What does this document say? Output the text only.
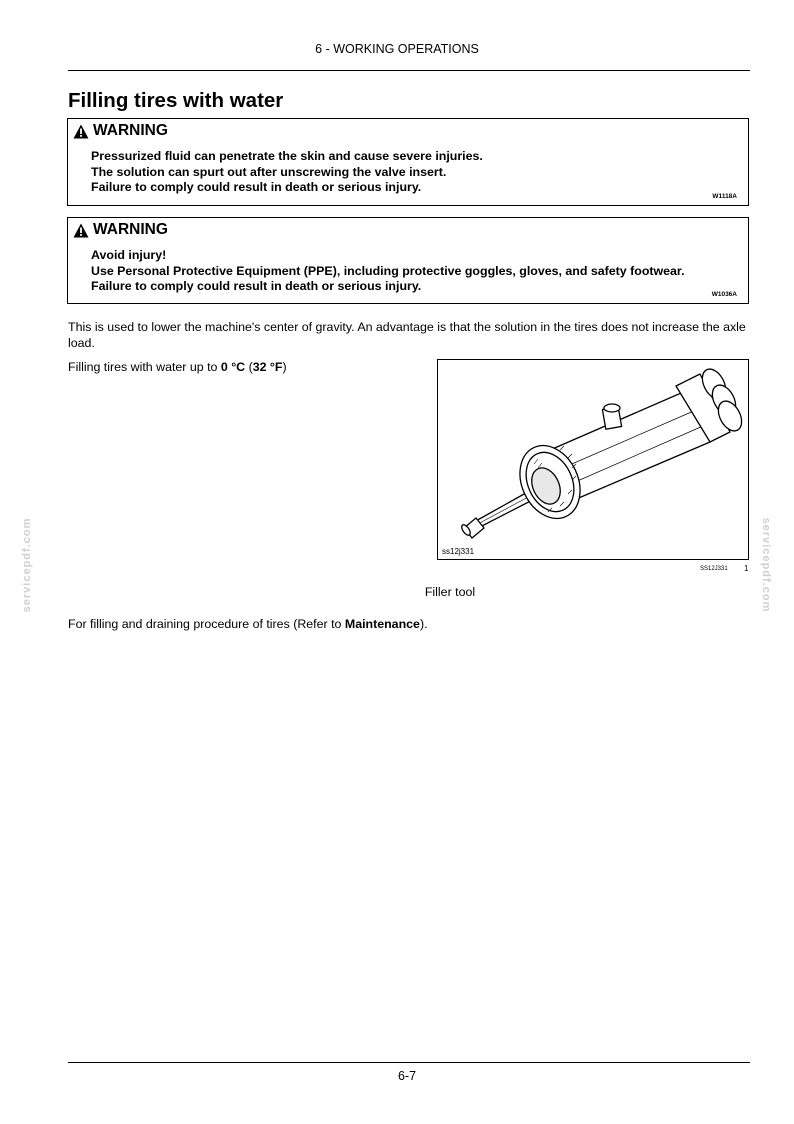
6 - WORKING OPERATIONS
Filling tires with water
WARNING
Pressurized fluid can penetrate the skin and cause severe injuries.
The solution can spurt out after unscrewing the valve insert.
Failure to comply could result in death or serious injury.
W1118A
WARNING
Avoid injury!
Use Personal Protective Equipment (PPE), including protective goggles, gloves, and safety footwear.
Failure to comply could result in death or serious injury.
W1036A
This is used to lower the machine's center of gravity. An advantage is that the solution in the tires does not increase the axle load.
Filling tires with water up to 0 °C (32 °F)
ss12j331
SS12J331 1
Filler tool
For filling and draining procedure of tires (Refer to Maintenance).
servicepdf.com	servicepdf.com
6-7
